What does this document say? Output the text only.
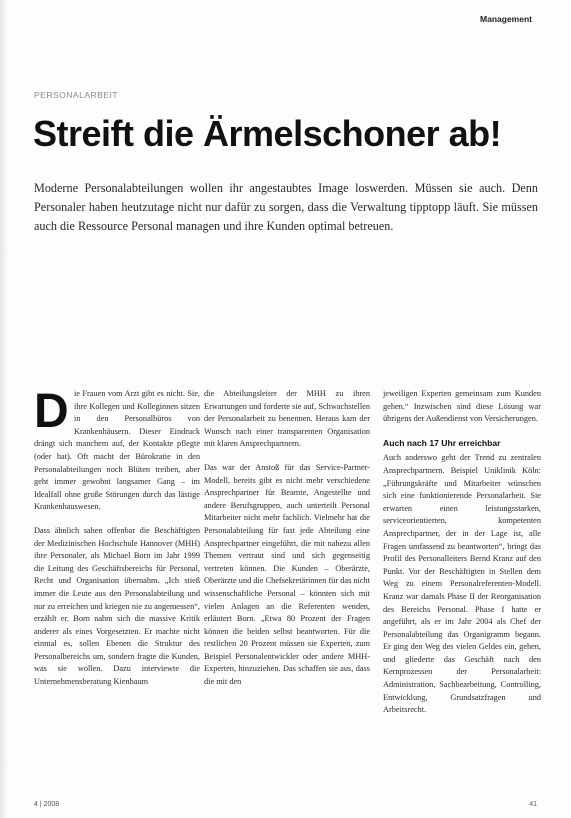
Management
PERSONALARBEIT
Streift die Ärmelschoner ab!
Moderne Personalabteilungen wollen ihr angestaubtes Image loswerden. Müssen sie auch. Denn Personaler haben heutzutage nicht nur dafür zu sorgen, dass die Verwaltung tipptopp läuft. Sie müssen auch die Ressource Personal managen und ihre Kunden optimal betreuen.

D ie Frauen vom Arzt gibt es nicht. Sie, ihre Kollegen und Kolleginnen sitzen in den Personalbüros von Krankenhäusern. Dieser Eindruck drängt sich manchem auf, der Kontakte pflegte (oder hat). Oft macht der Bürokratie in den Personalabteilungen noch Blüten treiben, aber geht immer gewohnt langsamer Gang – im Idealfall ohne große Störungen durch das lästige Krankenhauswesen.

Dass ähnlich sahen offenbar die Beschäftigten der Medizinischen Hochschule Hannover (MHH) ihre Personaler, als Michael Born im Jahr 1999 die Leitung des Geschäftsbereichs für Personal, Recht und Organisation übernahm. „Ich stieß immer die Leute aus den Personalabteilung und nur zu erreichen und kriegen nie zu angemessen“, erzählt er. Born nahm sich die massive Kritik anderer als eines Vorgesetzten. Er machte nicht einmal es, sollen Ebenen die Struktur des Personalbereichs um, sondern fragte die Kunden, was sie wollen. Dazu interviewte die Unternehmensberatung Kienbaum

die Abteilungsleiter der MHH zu ihren Erwartungen und forderte sie auf, Schwachstellen der Personalarbeit zu benennen. Heraus kam der Wunsch nach einer transparenten Organisation mit klaren Ansprechpartnern.

Das war der Anstoß für das Service-Partner-Modell, bereits gibt es nicht mehr verschiedene Ansprechpartner für Beamte, Angestellte und andere Berufsgruppen, auch unterteilt Personal Mitarbeiter nicht mehr fachlich. Vielmehr hat die Personalabteilung für fast jede Abteilung eine Ansprechpartner eingeführt, die mit nahezu allen Themen vertraut sind und sich gegenseitig vertreten können. Die Kunden – Oberärzte, Oberärzte und die Chefsekretärinnen für das nicht wissenschaftliche Personal – könnten sich mit vielen Anlagen an die Referenten wenden, erläutert Born. „Etwa 80 Prozent der Fragen können die beiden selbst beantworten. Für die restlichen 20 Prozent müssen sie Experten, zum Beispiel Personalentwickler oder andere MHH-Experten, hinzuziehen. Das schaffen sie aus, dass die mit den

jeweiligen Experten gemeinsam zum Kunden gehen.“ Inzwischen sind diese Lösung war übrigens der Außendienst von Versicherungen.

Auch nach 17 Uhr erreichbar

Auch anderswo geht der Trend zu zentralen Ansprechpartnern. Beispiel Uniklinik Köln: „Führungskräfte und Mitarbeiter wünschen sich eine funktionierende Personalarbeit. Sie erwarten einen leistungsstarken, serviceorientierten, kompetenten Ansprechpartner, der in der Lage ist, alle Fragen umfassend zu beantworten“, bringt das Profil des Personalleiters Bernd Kranz auf den Punkt. Vor der Beschäftigten in Stellen dem Weg zu einem Personalreferenten-Modell. Kranz war damals Phase II der Reorganisation des Bereichs Personal. Phase I hatte er angeführt, als er im Jahr 2004 als Chef der Personalabteilung das Organigramm begann. Er ging den Weg des vielen Geldes ein, gehen, und gliederte das Geschäft nach den Kernprozessen der Personalarbeit: Administration, Sachbearbeitung, Controlling, Entwicklung, Grundsatzfragen und Arbeitsrecht.

4 | 2008	41
